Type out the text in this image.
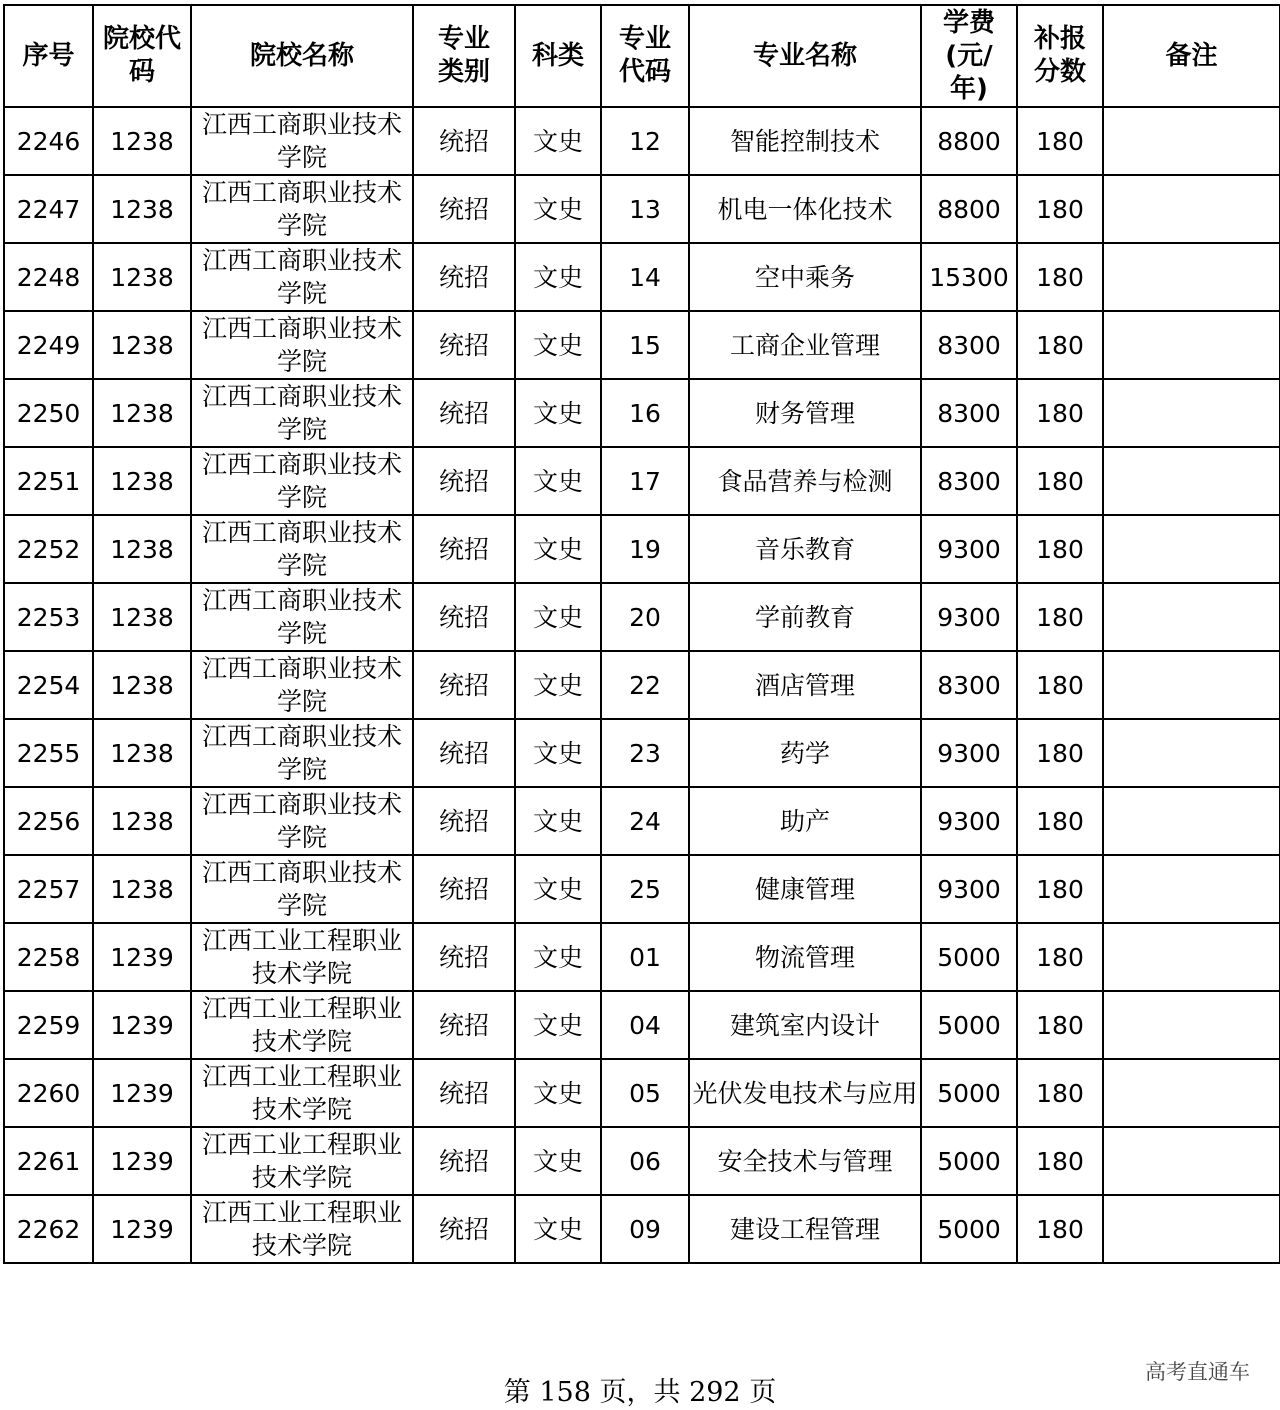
序号	院校代码	院校名称	专业类别	科类	专业代码	专业名称	学费(元/年)	补报分数	备注
2246	1238	江西工商职业技术学院	统招	文史	12	智能控制技术	8800	180	
2247	1238	江西工商职业技术学院	统招	文史	13	机电一体化技术	8800	180	
2248	1238	江西工商职业技术学院	统招	文史	14	空中乘务	15300	180	
2249	1238	江西工商职业技术学院	统招	文史	15	工商企业管理	8300	180	
2250	1238	江西工商职业技术学院	统招	文史	16	财务管理	8300	180	
2251	1238	江西工商职业技术学院	统招	文史	17	食品营养与检测	8300	180	
2252	1238	江西工商职业技术学院	统招	文史	19	音乐教育	9300	180	
2253	1238	江西工商职业技术学院	统招	文史	20	学前教育	9300	180	
2254	1238	江西工商职业技术学院	统招	文史	22	酒店管理	8300	180	
2255	1238	江西工商职业技术学院	统招	文史	23	药学	9300	180	
2256	1238	江西工商职业技术学院	统招	文史	24	助产	9300	180	
2257	1238	江西工商职业技术学院	统招	文史	25	健康管理	9300	180	
2258	1239	江西工业工程职业技术学院	统招	文史	01	物流管理	5000	180	
2259	1239	江西工业工程职业技术学院	统招	文史	04	建筑室内设计	5000	180	
2260	1239	江西工业工程职业技术学院	统招	文史	05	光伏发电技术与应用	5000	180	
2261	1239	江西工业工程职业技术学院	统招	文史	06	安全技术与管理	5000	180	
2262	1239	江西工业工程职业技术学院	统招	文史	09	建设工程管理	5000	180	
第 158 页，共 292 页
高考直通车
